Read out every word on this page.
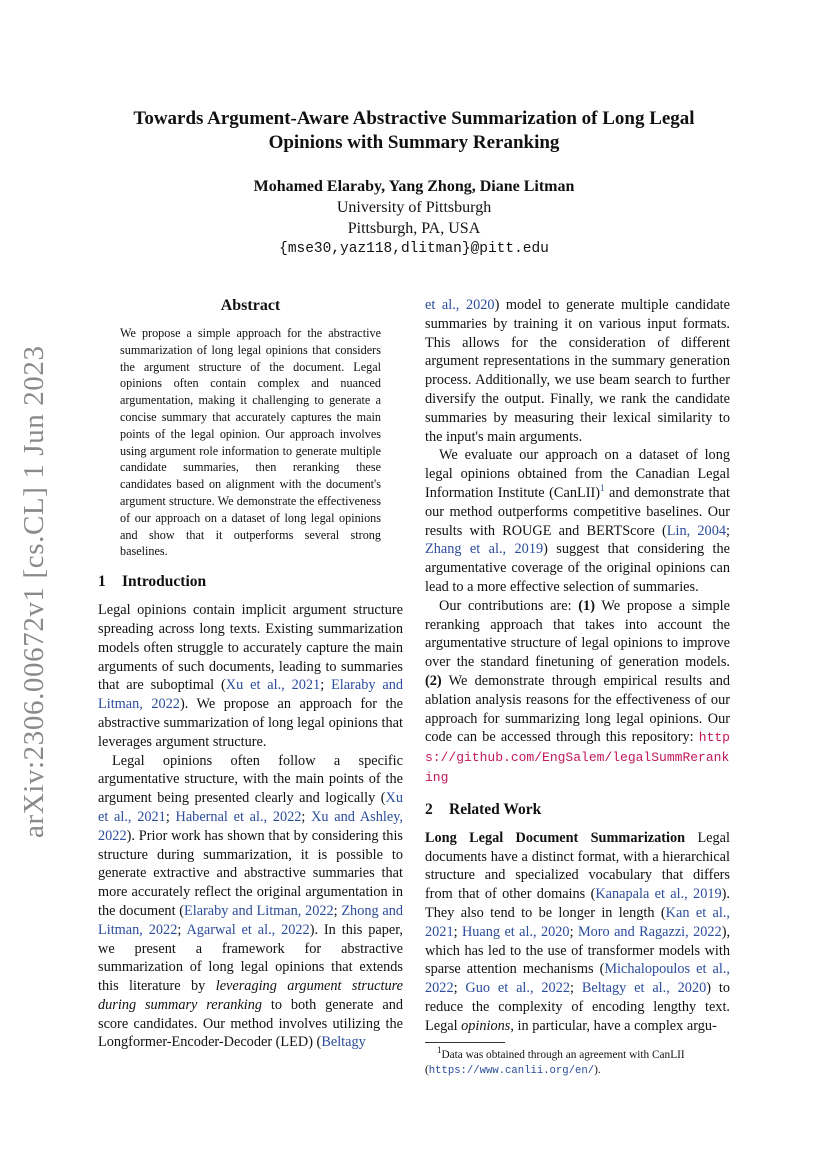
arXiv:2306.00672v1 [cs.CL] 1 Jun 2023
Towards Argument-Aware Abstractive Summarization of Long Legal Opinions with Summary Reranking
Mohamed Elaraby, Yang Zhong, Diane Litman
University of Pittsburgh
Pittsburgh, PA, USA
{mse30,yaz118,dlitman}@pitt.edu
Abstract

We propose a simple approach for the abstractive summarization of long legal opinions that considers the argument structure of the document. Legal opinions often contain complex and nuanced argumentation, making it challenging to generate a concise summary that accurately captures the main points of the legal opinion. Our approach involves using argument role information to generate multiple candidate summaries, then reranking these candidates based on alignment with the document's argument structure. We demonstrate the effectiveness of our approach on a dataset of long legal opinions and show that it outperforms several strong baselines.

1 Introduction

Legal opinions contain implicit argument structure spreading across long texts. Existing summarization models often struggle to accurately capture the main arguments of such documents, leading to summaries that are suboptimal (Xu et al., 2021; Elaraby and Litman, 2022). We propose an approach for the abstractive summarization of long legal opinions that leverages argument structure.

Legal opinions often follow a specific argumentative structure, with the main points of the argument being presented clearly and logically (Xu et al., 2021; Habernal et al., 2022; Xu and Ashley, 2022). Prior work has shown that by considering this structure during summarization, it is possible to generate extractive and abstractive summaries that more accurately reflect the original argumentation in the document (Elaraby and Litman, 2022; Zhong and Litman, 2022; Agarwal et al., 2022). In this paper, we present a framework for abstractive summarization of long legal opinions that extends this literature by leveraging argument structure during summary reranking to both generate and score candidates. Our method involves utilizing the Longformer-Encoder-Decoder (LED) (Beltagy

et al., 2020) model to generate multiple candidate summaries by training it on various input formats. This allows for the consideration of different argument representations in the summary generation process. Additionally, we use beam search to further diversify the output. Finally, we rank the candidate summaries by measuring their lexical similarity to the input's main arguments.

We evaluate our approach on a dataset of long legal opinions obtained from the Canadian Legal Information Institute (CanLII)$^1$ and demonstrate that our method outperforms competitive baselines. Our results with ROUGE and BERTScore (Lin, 2004; Zhang et al., 2019) suggest that considering the argumentative coverage of the original opinions can lead to a more effective selection of summaries.

Our contributions are: (1) We propose a simple reranking approach that takes into account the argumentative structure of legal opinions to improve over the standard finetuning of generation models. (2) We demonstrate through empirical results and ablation analysis reasons for the effectiveness of our approach for summarizing long legal opinions. Our code can be accessed through this repository: https://github.com/EngSalem/legalSummReranking

2 Related Work

Long Legal Document Summarization Legal documents have a distinct format, with a hierarchical structure and specialized vocabulary that differs from that of other domains (Kanapala et al., 2019). They also tend to be longer in length (Kan et al., 2021; Huang et al., 2020; Moro and Ragazzi, 2022), which has led to the use of transformer models with sparse attention mechanisms (Michalopoulos et al., 2022; Guo et al., 2022; Beltagy et al., 2020) to reduce the complexity of encoding lengthy text. Legal opinions, in particular, have a complex argu-

$^1$Data was obtained through an agreement with CanLII (https://www.canlii.org/en/).
